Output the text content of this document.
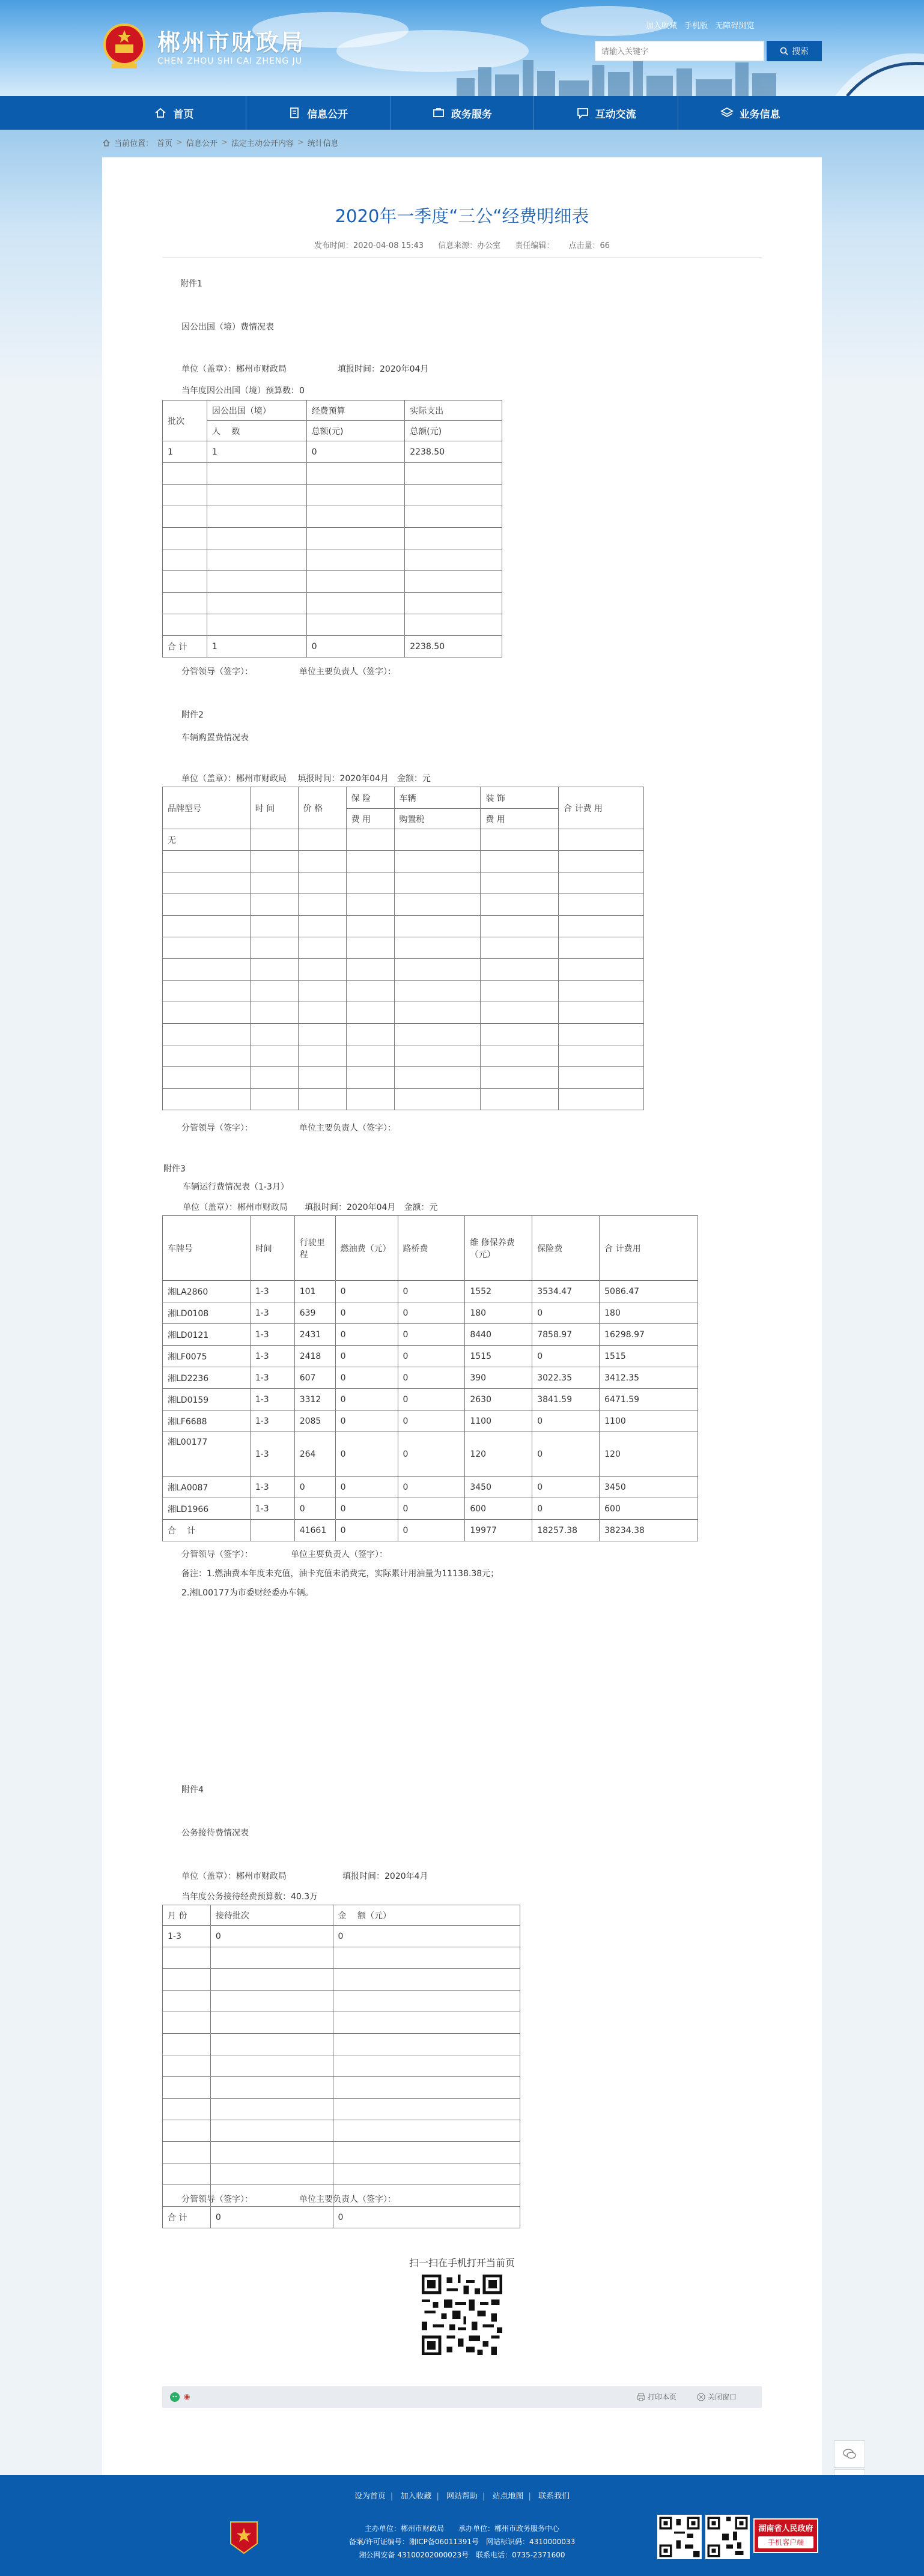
郴州市财政局
CHEN ZHOU SHI CAI ZHENG JU
加入收藏 手机版 无障碍浏览
请输入关键字
搜索
首页	信息公开	政务服务	互动交流	业务信息
当前位置： 首页 > 信息公开 > 法定主动公开内容 > 统计信息
2020年一季度“三公“经费明细表
发布时间：2020-04-08 15:43 信息来源：办公室 责任编辑： 点击量：66
附件1
因公出国（境）费情况表
单位（盖章）：郴州市财政局	填报时间：2020年04月
当年度因公出国（境）预算数：0
批次	因公出国（境）	经费预算	实际支出
	人　 数	总额(元)	总额(元)
1	1	0	2238.50

合 计	1	0	2238.50
分管领导（签字）：　　　　　　单位主要负责人（签字）：
附件2
车辆购置费情况表
单位（盖章）：郴州市财政局　 填报时间：2020年04月　金额：元
品牌型号	时 间	价 格	保 险	车辆	装 饰	合 计费 用
			费 用	购置税	费 用	
无						

分管领导（签字）：　　　　　　单位主要负责人（签字）：
附件3
车辆运行费情况表（1-3月）
单位（盖章）：郴州市财政局　　填报时间：2020年04月　金额：元
车牌号	时间	行驶里程	燃油费（元）	路桥费	维 修保养费（元）	保险费	合 计费用
湘LA2860	1-3	101	0	0	1552	3534.47	5086.47
湘LD0108	1-3	639	0	0	180	0	180
湘LD0121	1-3	2431	0	0	8440	7858.97	16298.97
湘LF0075	1-3	2418	0	0	1515	0	1515
湘LD2236	1-3	607	0	0	390	3022.35	3412.35
湘LD0159	1-3	3312	0	0	2630	3841.59	6471.59
湘LF6688	1-3	2085	0	0	1100	0	1100
湘L00177	1-3	264	0	0	120	0	120
湘LA0087	1-3	0	0	0	3450	0	3450
湘LD1966	1-3	0	0	0	600	0	600
合　 计		41661	0	0	19977	18257.38	38234.38
分管领导（签字）：　　　　　单位主要负责人（签字）：
备注：1.燃油费本年度未充值，油卡充值未消费完，实际累计用油量为11138.38元；
2.湘L00177为市委财经委办车辆。
附件4
公务接待费情况表
单位（盖章）：郴州市财政局	填报时间：2020年4月
当年度公务接待经费预算数：40.3万
月 份	接待批次	金　 额（元）
1-3	0	0

合 计	0	0
分管领导（签字）：　　　　　　单位主要负责人（签字）：
扫一扫在手机打开当前页
◉	打印本页	关闭窗口
设为首页 | 加入收藏 | 网站帮助 | 站点地图 | 联系我们
主办单位：郴州市财政局　　承办单位：郴州市政务服务中心
备案/许可证编号：湘ICP备06011391号　网站标识码：4310000033
湘公网安备 43100202000023号　联系电话：0735-2371600
湖南省人民政府
手机客户端
